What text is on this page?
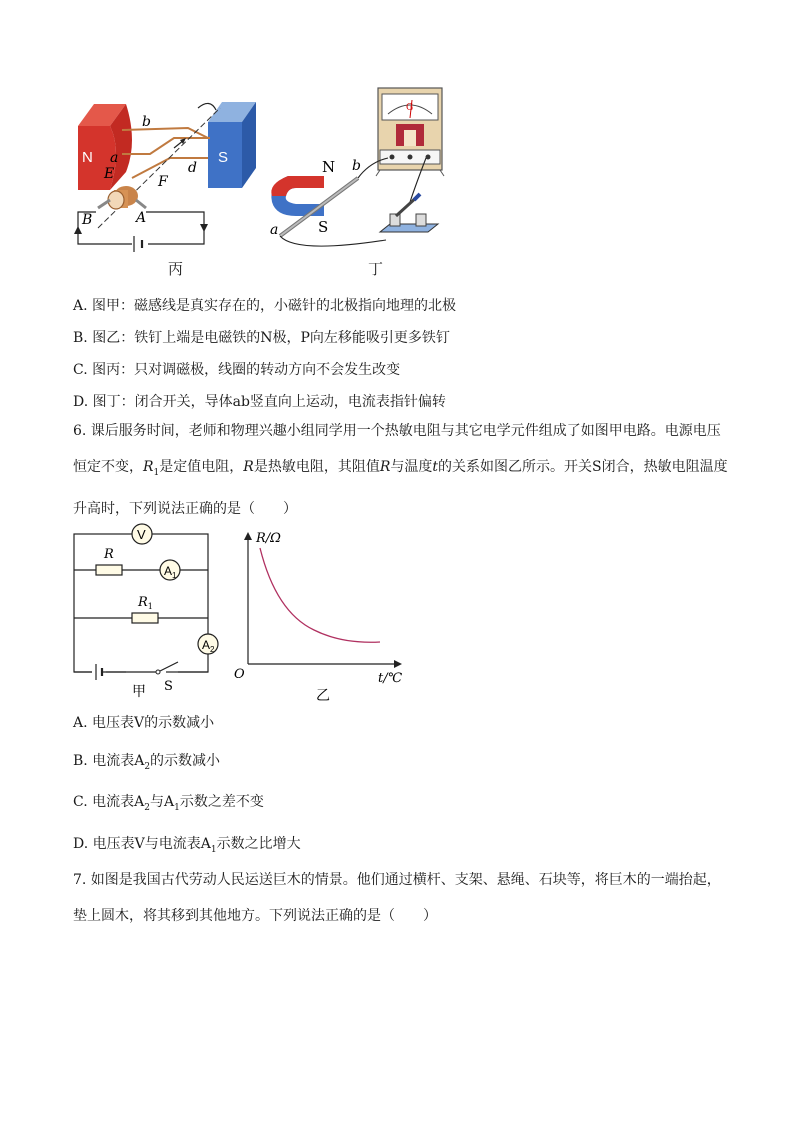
N	S
b
a
d
E	F
B	A
丙
G
N b
S
a
丁
A. 图甲：磁感线是真实存在的，小磁针的北极指向地理的北极
B. 图乙：铁钉上端是电磁铁的N极，P向左移能吸引更多铁钉
C. 图丙：只对调磁极，线圈的转动方向不会发生改变
D. 图丁：闭合开关，导体ab竖直向上运动，电流表指针偏转
6. 课后服务时间，老师和物理兴趣小组同学用一个热敏电阻与其它电学元件组成了如图甲电路。电源电压恒定不变，$R_1$是定值电阻，R是热敏电阻，其阻值R与温度t的关系如图乙所示。开关S闭合，热敏电阻温度升高时，下列说法正确的是（　　）
V
R
$A_1$
$R_1$
$A_2$
S
甲
R/Ω
O	t/℃
乙
A. 电压表V的示数减小
B. 电流表$A_2$的示数减小
C. 电流表$A_2$与$A_1$示数之差不变
D. 电压表V与电流表$A_1$示数之比增大
7. 如图是我国古代劳动人民运送巨木的情景。他们通过横杆、支架、悬绳、石块等，将巨木的一端抬起，垫上圆木，将其移到其他地方。下列说法正确的是（　　）
